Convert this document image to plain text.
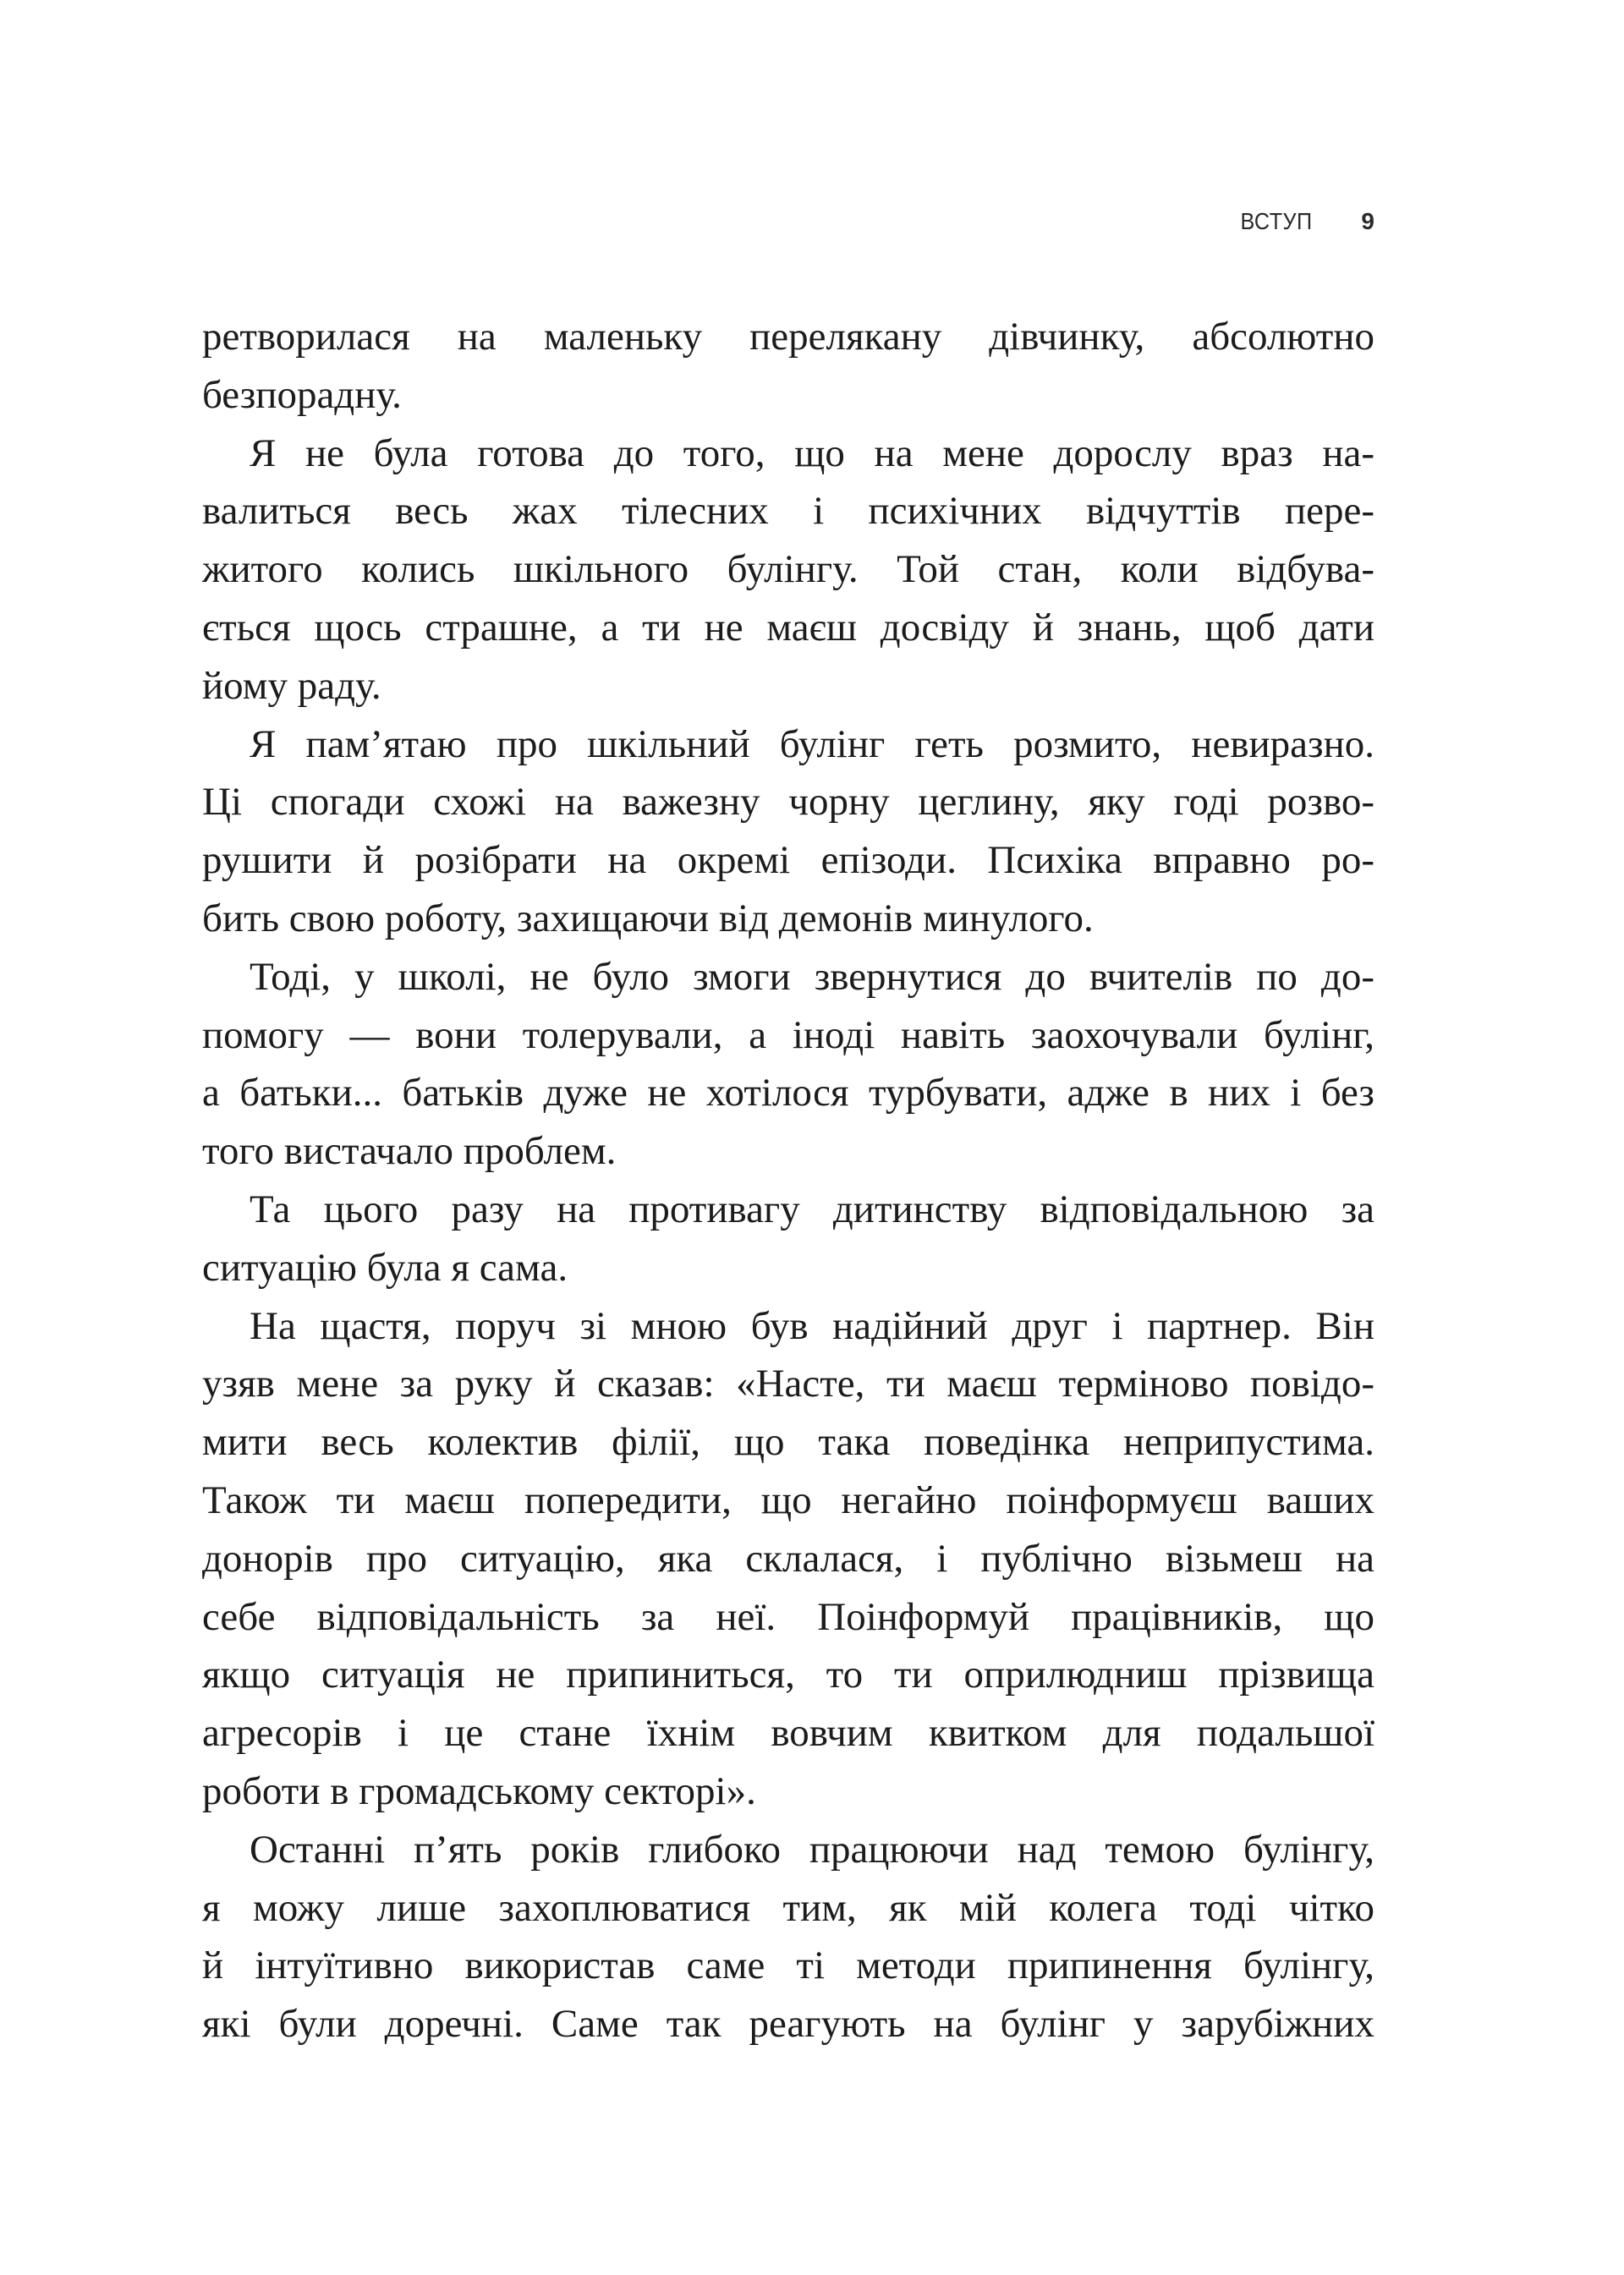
ВСТУП 9
ретворилася на маленьку перелякану дівчинку, абсолютно
безпорадну.
Я не була готова до того, що на мене дорослу враз на-
валиться весь жах тілесних і психічних відчуттів пере-
житого колись шкільного булінгу. Той стан, коли відбува-
ється щось страшне, а ти не маєш досвіду й знань, щоб дати
йому раду.
Я пам’ятаю про шкільний булінг геть розмито, невиразно.
Ці спогади схожі на важезну чорну цеглину, яку годі розво-
рушити й розібрати на окремі епізоди. Психіка вправно ро-
бить свою роботу, захищаючи від демонів минулого.
Тоді, у школі, не було змоги звернутися до вчителів по до-
помогу — вони толерували, а іноді навіть заохочували булінг,
а батьки... батьків дуже не хотілося турбувати, адже в них і без
того вистачало проблем.
Та цього разу на противагу дитинству відповідальною за
ситуацію була я сама.
На щастя, поруч зі мною був надійний друг і партнер. Він
узяв мене за руку й сказав: «Насте, ти маєш терміново повідо-
мити весь колектив філії, що така поведінка неприпустима.
Також ти маєш попередити, що негайно поінформуєш ваших
донорів про ситуацію, яка склалася, і публічно візьмеш на
себе відповідальність за неї. Поінформуй працівників, що
якщо ситуація не припиниться, то ти оприлюдниш прізвища
агресорів і це стане їхнім вовчим квитком для подальшої
роботи в громадському секторі».
Останні п’ять років глибоко працюючи над темою булінгу,
я можу лише захоплюватися тим, як мій колега тоді чітко
й інтуїтивно використав саме ті методи припинення булінгу,
які були доречні. Саме так реагують на булінг у зарубіжних
